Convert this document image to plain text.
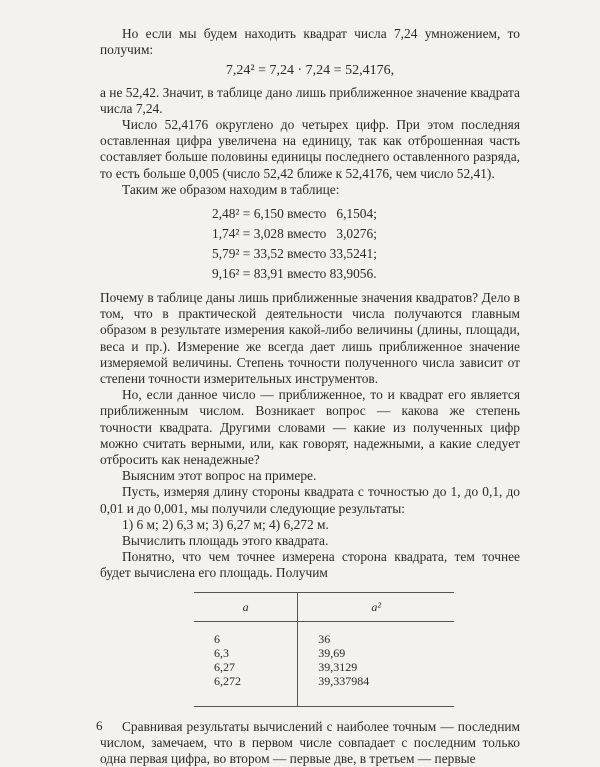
Но если мы будем находить квадрат числа 7,24 умножением, то получим:

7,24² = 7,24 · 7,24 = 52,4176,

а не 52,42. Значит, в таблице дано лишь приближенное значение квадрата числа 7,24.

Число 52,4176 округлено до четырех цифр. При этом последняя оставленная цифра увеличена на единицу, так как отброшенная часть составляет больше половины единицы последнего оставленного разряда, то есть больше 0,005 (число 52,42 ближе к 52,4176, чем число 52,41).

Таким же образом находим в таблице:

2,48² = 6,150 вместо   6,1504;
1,74² = 3,028 вместо   3,0276;
5,79² = 33,52 вместо 33,5241;
9,16² = 83,91 вместо 83,9056.

Почему в таблице даны лишь приближенные значения квадратов? Дело в том, что в практической деятельности числа получаются главным образом в результате измерения какой-либо величины (длины, площади, веса и пр.). Измерение же всегда дает лишь приближенное значение измеряемой величины. Степень точности полученного числа зависит от степени точности измерительных инструментов.

Но, если данное число — приближенное, то и квадрат его является приближенным числом. Возникает вопрос — какова же степень точности квадрата. Другими словами — какие из полученных цифр можно считать верными, или, как говорят, надежными, а какие следует отбросить как ненадежные?

Выясним этот вопрос на примере.

Пусть, измеряя длину стороны квадрата с точностью до 1, до 0,1, до 0,01 и до 0,001, мы получили следующие результаты:

1) 6 м; 2) 6,3 м; 3) 6,27 м; 4) 6,272 м.

Вычислить площадь этого квадрата.

Понятно, что чем точнее измерена сторона квадрата, тем точнее будет вычислена его площадь. Получим

a	a²
6	36
6,3	39,69
6,27	39,3129
6,272	39,337984

Сравнивая результаты вычислений с наиболее точным — последним числом, замечаем, что в первом числе совпадает с последним только одна первая цифра, во втором — первые две, в третьем — первые

6
